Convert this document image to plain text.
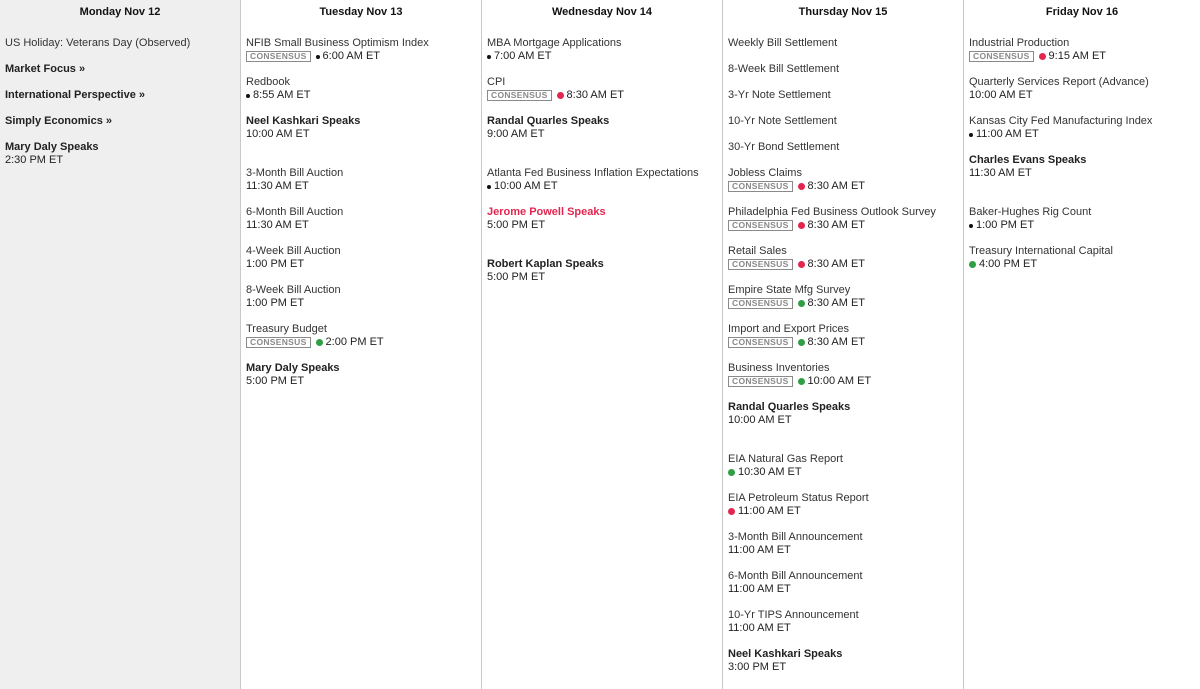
Monday Nov 12
US Holiday: Veterans Day (Observed)
Market Focus »
International Perspective »
Simply Economics »
Mary Daly Speaks
2:30 PM ET
Tuesday Nov 13
NFIB Small Business Optimism Index
CONSENSUS	6:00 AM ET
Redbook
8:55 AM ET
Neel Kashkari Speaks
10:00 AM ET
3-Month Bill Auction
11:30 AM ET
6-Month Bill Auction
11:30 AM ET
4-Week Bill Auction
1:00 PM ET
8-Week Bill Auction
1:00 PM ET
Treasury Budget
CONSENSUS	2:00 PM ET
Mary Daly Speaks
5:00 PM ET
Wednesday Nov 14
MBA Mortgage Applications
7:00 AM ET
CPI
CONSENSUS	8:30 AM ET
Randal Quarles Speaks
9:00 AM ET
Atlanta Fed Business Inflation Expectations
10:00 AM ET
Jerome Powell Speaks
5:00 PM ET
Robert Kaplan Speaks
5:00 PM ET
Thursday Nov 15
Weekly Bill Settlement
8-Week Bill Settlement
3-Yr Note Settlement
10-Yr Note Settlement
30-Yr Bond Settlement
Jobless Claims
CONSENSUS	8:30 AM ET
Philadelphia Fed Business Outlook Survey
CONSENSUS	8:30 AM ET
Retail Sales
CONSENSUS	8:30 AM ET
Empire State Mfg Survey
CONSENSUS	8:30 AM ET
Import and Export Prices
CONSENSUS	8:30 AM ET
Business Inventories
CONSENSUS	10:00 AM ET
Randal Quarles Speaks
10:00 AM ET
EIA Natural Gas Report
10:30 AM ET
EIA Petroleum Status Report
11:00 AM ET
3-Month Bill Announcement
11:00 AM ET
6-Month Bill Announcement
11:00 AM ET
10-Yr TIPS Announcement
11:00 AM ET
Neel Kashkari Speaks
3:00 PM ET
Friday Nov 16
Industrial Production
CONSENSUS	9:15 AM ET
Quarterly Services Report (Advance)
10:00 AM ET
Kansas City Fed Manufacturing Index
11:00 AM ET
Charles Evans Speaks
11:30 AM ET
Baker-Hughes Rig Count
1:00 PM ET
Treasury International Capital
4:00 PM ET
